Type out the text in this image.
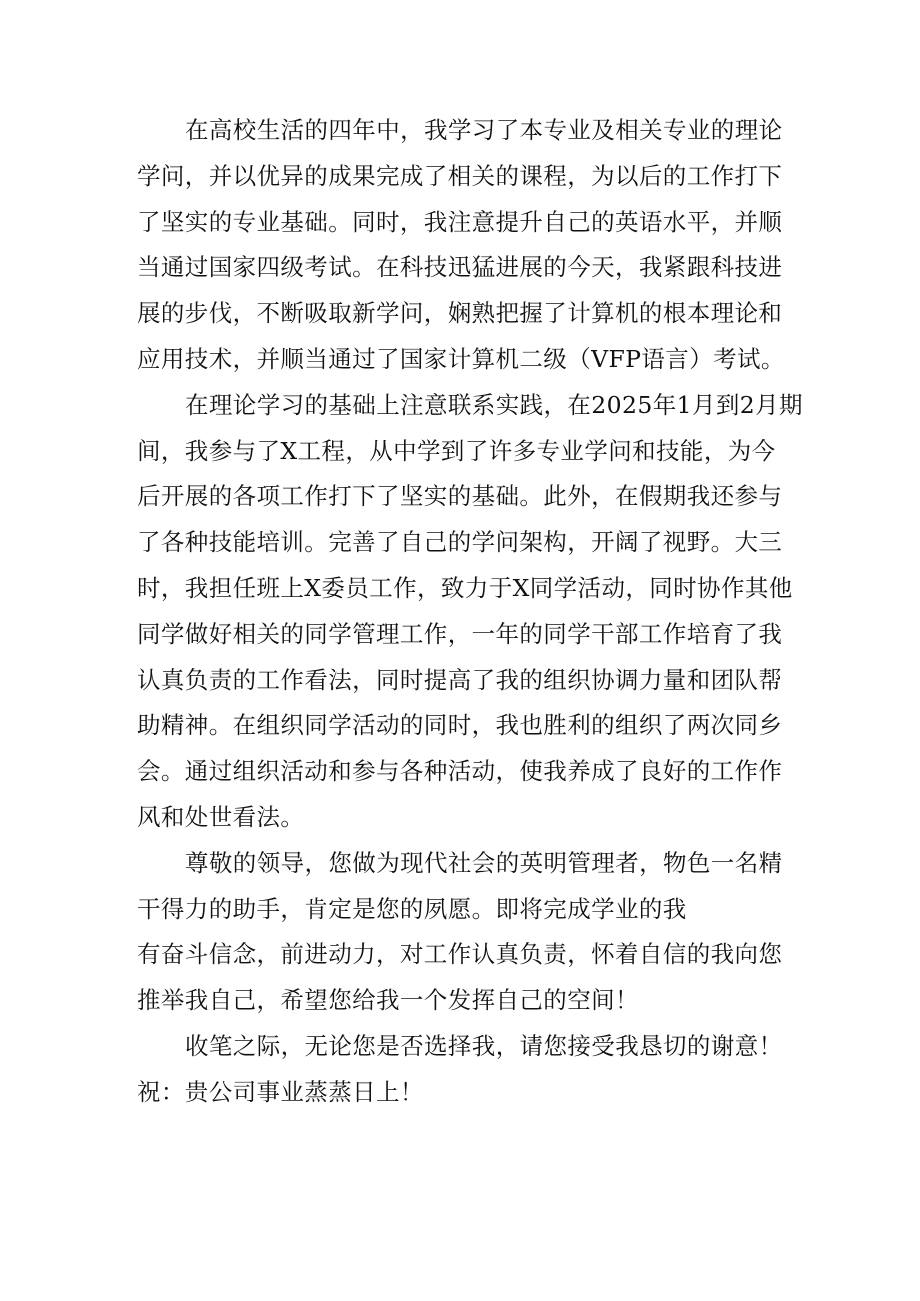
在高校生活的四年中，我学习了本专业及相关专业的理论
学问，并以优异的成果完成了相关的课程，为以后的工作打下
了坚实的专业基础。同时，我注意提升自己的英语水平，并顺
当通过国家四级考试。在科技迅猛进展的今天，我紧跟科技进
展的步伐，不断吸取新学问，娴熟把握了计算机的根本理论和
应用技术，并顺当通过了国家计算机二级（VFP语言）考试。
在理论学习的基础上注意联系实践，在2025年1月到2月期
间，我参与了X工程，从中学到了许多专业学问和技能，为今
后开展的各项工作打下了坚实的基础。此外，在假期我还参与
了各种技能培训。完善了自己的学问架构，开阔了视野。大三
时，我担任班上X委员工作，致力于X同学活动，同时协作其他
同学做好相关的同学管理工作，一年的同学干部工作培育了我
认真负责的工作看法，同时提高了我的组织协调力量和团队帮
助精神。在组织同学活动的同时，我也胜利的组织了两次同乡
会。通过组织活动和参与各种活动，使我养成了良好的工作作
风和处世看法。
尊敬的领导，您做为现代社会的英明管理者，物色一名精
干得力的助手，肯定是您的夙愿。即将完成学业的我
有奋斗信念，前进动力，对工作认真负责，怀着自信的我向您
推举我自己，希望您给我一个发挥自己的空间！
收笔之际，无论您是否选择我，请您接受我恳切的谢意！
祝：贵公司事业蒸蒸日上！
